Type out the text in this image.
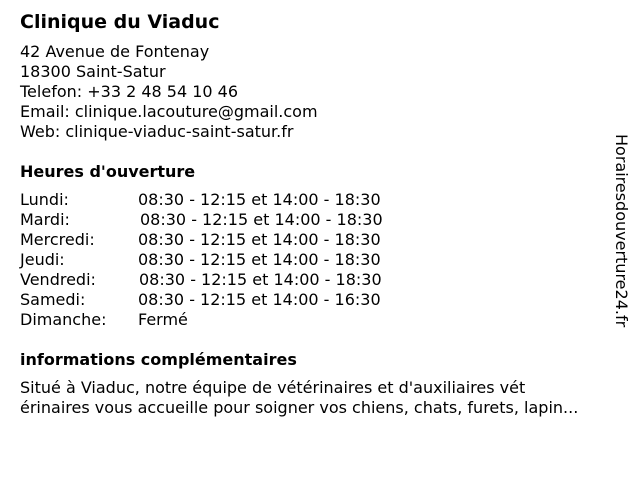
Clinique du Viaduc
42 Avenue de Fontenay
18300 Saint-Satur
Telefon: +33 2 48 54 10 46
Email: clinique.lacouture@gmail.com
Web: clinique-viaduc-saint-satur.fr
Heures d'ouverture
Lundi:	08:30 - 12:15 et 14:00 - 18:30
Mardi:	08:30 - 12:15 et 14:00 - 18:30
Mercredi:	08:30 - 12:15 et 14:00 - 18:30
Jeudi:	08:30 - 12:15 et 14:00 - 18:30
Vendredi:	08:30 - 12:15 et 14:00 - 18:30
Samedi:	08:30 - 12:15 et 14:00 - 16:30
Dimanche: Fermé
informations complémentaires
Situé à Viaduc, notre équipe de vétérinaires et d'auxiliaires vét
érinaires vous accueille pour soigner vos chiens, chats, furets, lapin...
Horairesdouverture24.fr
